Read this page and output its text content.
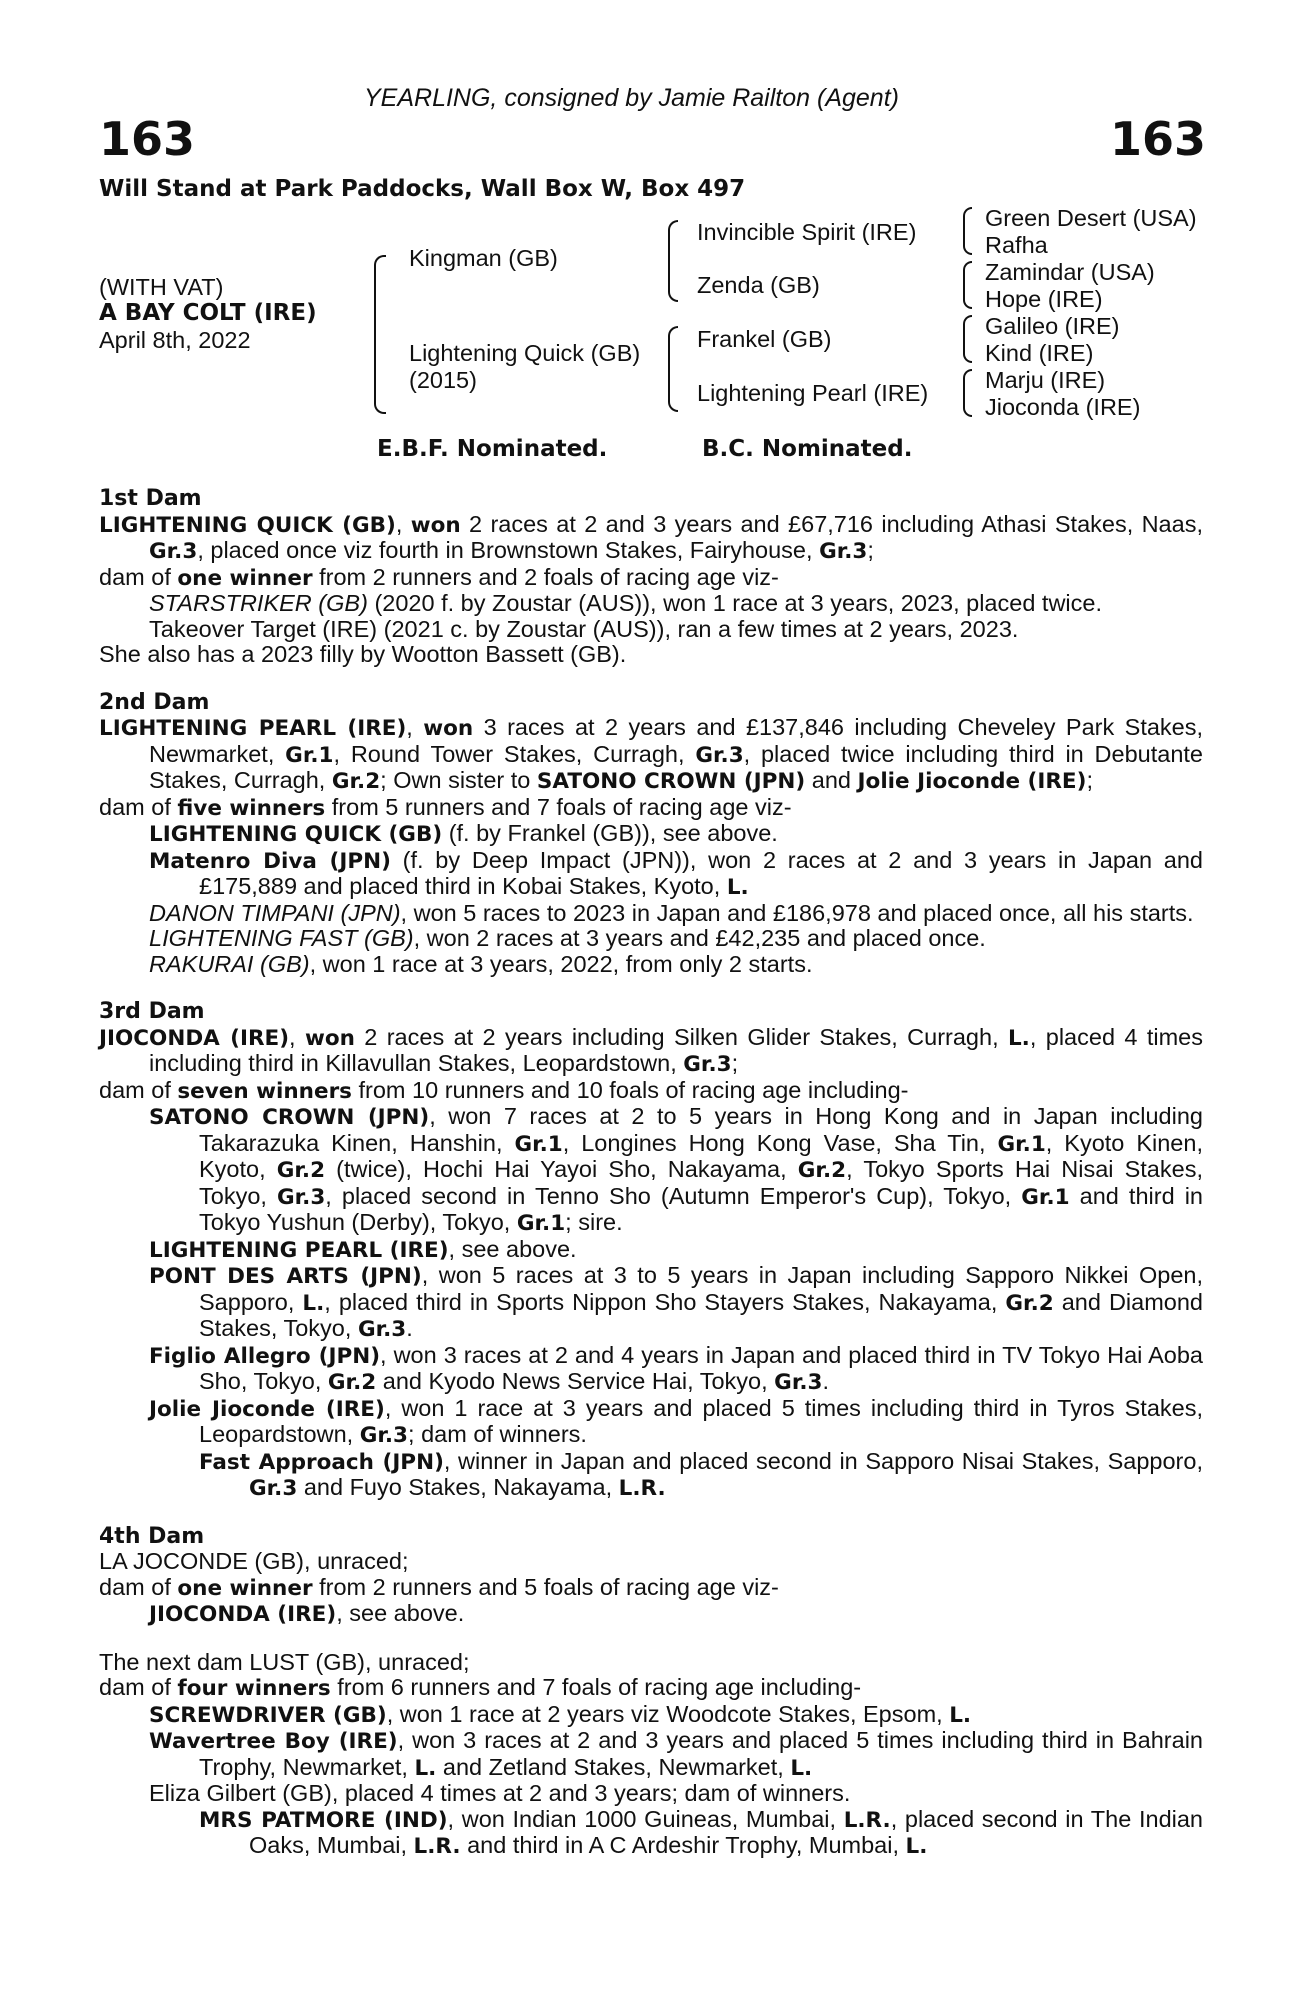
YEARLING, consigned by Jamie Railton (Agent)
163	163
Will Stand at Park Paddocks, Wall Box W, Box 497
(WITH VAT)
A BAY COLT (IRE)
April 8th, 2022
Kingman (GB)
Lightening Quick (GB)
(2015)
Invincible Spirit (IRE)
Zenda (GB)
Frankel (GB)
Lightening Pearl (IRE)
Green Desert (USA)
Rafha
Zamindar (USA)
Hope (IRE)
Galileo (IRE)
Kind (IRE)
Marju (IRE)
Jioconda (IRE)
E.B.F. Nominated.	B.C. Nominated.
1st Dam
LIGHTENING QUICK (GB), won 2 races at 2 and 3 years and £67,716 including Athasi Stakes, Naas, Gr.3, placed once viz fourth in Brownstown Stakes, Fairyhouse, Gr.3;
dam of one winner from 2 runners and 2 foals of racing age viz-
STARSTRIKER (GB) (2020 f. by Zoustar (AUS)), won 1 race at 3 years, 2023, placed twice.
Takeover Target (IRE) (2021 c. by Zoustar (AUS)), ran a few times at 2 years, 2023.
She also has a 2023 filly by Wootton Bassett (GB).
2nd Dam
LIGHTENING PEARL (IRE), won 3 races at 2 years and £137,846 including Cheveley Park Stakes, Newmarket, Gr.1, Round Tower Stakes, Curragh, Gr.3, placed twice including third in Debutante Stakes, Curragh, Gr.2; Own sister to SATONO CROWN (JPN) and Jolie Jioconde (IRE);
dam of five winners from 5 runners and 7 foals of racing age viz-
LIGHTENING QUICK (GB) (f. by Frankel (GB)), see above.
Matenro Diva (JPN) (f. by Deep Impact (JPN)), won 2 races at 2 and 3 years in Japan and £175,889 and placed third in Kobai Stakes, Kyoto, L.
DANON TIMPANI (JPN), won 5 races to 2023 in Japan and £186,978 and placed once, all his starts.
LIGHTENING FAST (GB), won 2 races at 3 years and £42,235 and placed once.
RAKURAI (GB), won 1 race at 3 years, 2022, from only 2 starts.
3rd Dam
JIOCONDA (IRE), won 2 races at 2 years including Silken Glider Stakes, Curragh, L., placed 4 times including third in Killavullan Stakes, Leopardstown, Gr.3;
dam of seven winners from 10 runners and 10 foals of racing age including-
SATONO CROWN (JPN), won 7 races at 2 to 5 years in Hong Kong and in Japan including Takarazuka Kinen, Hanshin, Gr.1, Longines Hong Kong Vase, Sha Tin, Gr.1, Kyoto Kinen, Kyoto, Gr.2 (twice), Hochi Hai Yayoi Sho, Nakayama, Gr.2, Tokyo Sports Hai Nisai Stakes, Tokyo, Gr.3, placed second in Tenno Sho (Autumn Emperor's Cup), Tokyo, Gr.1 and third in Tokyo Yushun (Derby), Tokyo, Gr.1; sire.
LIGHTENING PEARL (IRE), see above.
PONT DES ARTS (JPN), won 5 races at 3 to 5 years in Japan including Sapporo Nikkei Open, Sapporo, L., placed third in Sports Nippon Sho Stayers Stakes, Nakayama, Gr.2 and Diamond Stakes, Tokyo, Gr.3.
Figlio Allegro (JPN), won 3 races at 2 and 4 years in Japan and placed third in TV Tokyo Hai Aoba Sho, Tokyo, Gr.2 and Kyodo News Service Hai, Tokyo, Gr.3.
Jolie Jioconde (IRE), won 1 race at 3 years and placed 5 times including third in Tyros Stakes, Leopardstown, Gr.3; dam of winners.
Fast Approach (JPN), winner in Japan and placed second in Sapporo Nisai Stakes, Sapporo, Gr.3 and Fuyo Stakes, Nakayama, L.R.
4th Dam
LA JOCONDE (GB), unraced;
dam of one winner from 2 runners and 5 foals of racing age viz-
JIOCONDA (IRE), see above.
The next dam LUST (GB), unraced;
dam of four winners from 6 runners and 7 foals of racing age including-
SCREWDRIVER (GB), won 1 race at 2 years viz Woodcote Stakes, Epsom, L.
Wavertree Boy (IRE), won 3 races at 2 and 3 years and placed 5 times including third in Bahrain Trophy, Newmarket, L. and Zetland Stakes, Newmarket, L.
Eliza Gilbert (GB), placed 4 times at 2 and 3 years; dam of winners.
MRS PATMORE (IND), won Indian 1000 Guineas, Mumbai, L.R., placed second in The Indian Oaks, Mumbai, L.R. and third in A C Ardeshir Trophy, Mumbai, L.
